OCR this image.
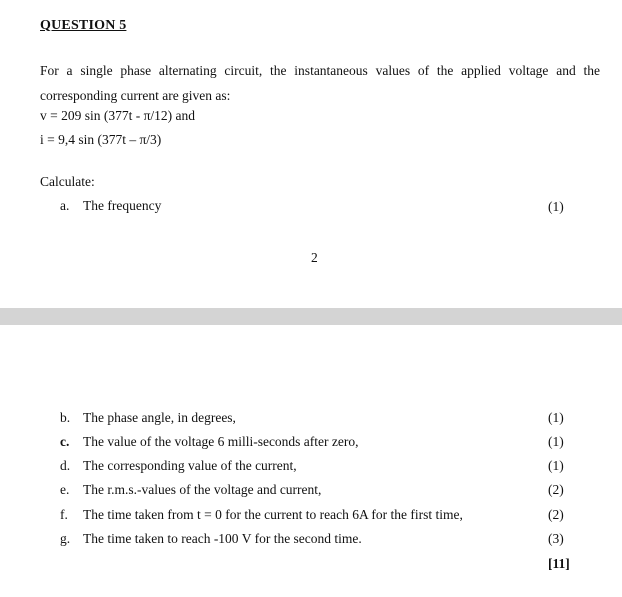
QUESTION 5
For a single phase alternating circuit, the instantaneous values of the applied voltage and the corresponding current are given as:
v = 209 sin (377t - π/12) and
i = 9,4 sin (377t – π/3)
Calculate:
a. The frequency	(1)
2
b. The phase angle, in degrees,	(1)
c. The value of the voltage 6 milli-seconds after zero,	(1)
d. The corresponding value of the current,	(1)
e. The r.m.s.-values of the voltage and current,	(2)
f. The time taken from t = 0 for the current to reach 6A for the first time,	(2)
g. The time taken to reach -100 V for the second time.	(3)
[11]
